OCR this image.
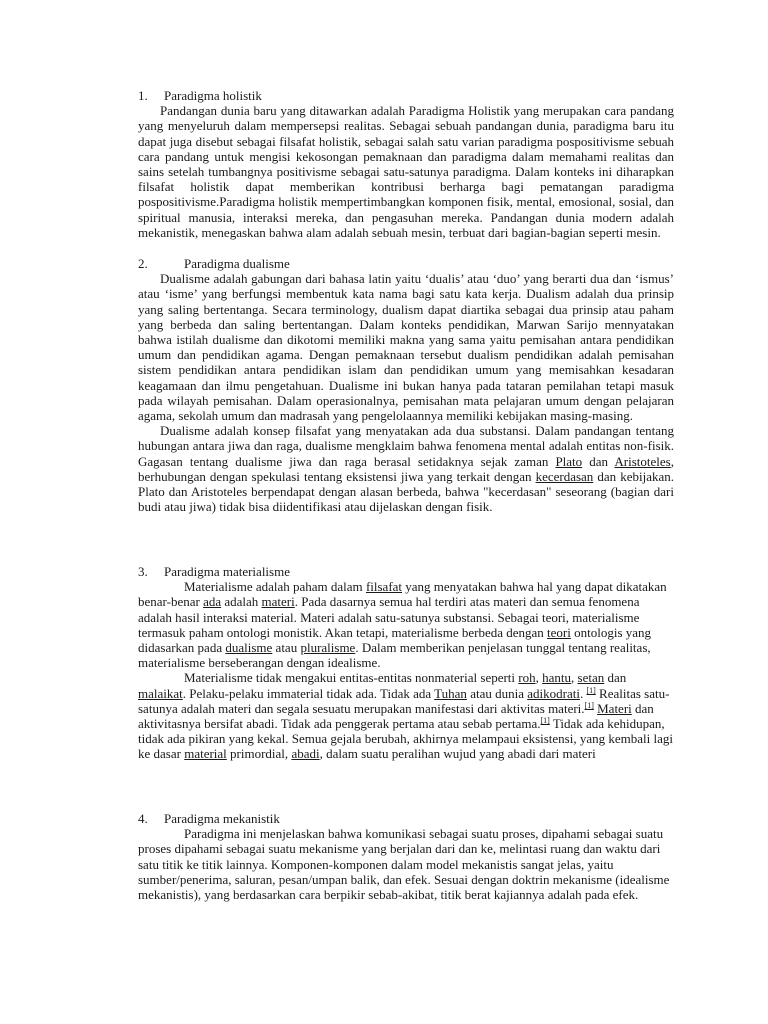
1.	Paradigma holistik

Pandangan dunia baru yang ditawarkan adalah Paradigma Holistik yang merupakan cara pandang yang menyeluruh dalam mempersepsi realitas. Sebagai sebuah pandangan dunia, paradigma baru itu dapat juga disebut sebagai filsafat holistik, sebagai salah satu varian paradigma pospositivisme sebuah cara pandang untuk mengisi kekosongan pemaknaan dan paradigma dalam memahami realitas dan sains setelah tumbangnya positivisme sebagai satu-satunya paradigma. Dalam konteks ini diharapkan filsafat holistik dapat memberikan kontribusi berharga bagi pematangan paradigma pospositivisme.Paradigma holistik mempertimbangkan komponen fisik, mental, emosional, sosial, dan spiritual manusia, interaksi mereka, dan pengasuhan mereka. Pandangan dunia modern adalah mekanistik, menegaskan bahwa alam adalah sebuah mesin, terbuat dari bagian-bagian seperti mesin.

2.	Paradigma dualisme

Dualisme adalah gabungan dari bahasa latin yaitu ‘dualis’ atau ‘duo’ yang berarti dua dan ‘ismus’ atau ‘isme’ yang berfungsi membentuk kata nama bagi satu kata kerja. Dualism adalah dua prinsip yang saling bertentanga. Secara terminology, dualism dapat diartika sebagai dua prinsip atau paham yang berbeda dan saling bertentangan. Dalam konteks pendidikan, Marwan Sarijo mennyatakan bahwa istilah dualisme dan dikotomi memiliki makna yang sama yaitu pemisahan antara pendidikan umum dan pendidikan agama. Dengan pemaknaan tersebut dualism pendidikan adalah pemisahan sistem pendidikan antara pendidikan islam dan pendidikan umum yang memisahkan kesadaran keagamaan dan ilmu pengetahuan. Dualisme ini bukan hanya pada tataran pemilahan tetapi masuk pada wilayah pemisahan. Dalam operasionalnya, pemisahan mata pelajaran umum dengan pelajaran agama, sekolah umum dan madrasah yang pengelolaannya memiliki kebijakan masing-masing.

Dualisme adalah konsep filsafat yang menyatakan ada dua substansi. Dalam pandangan tentang hubungan antara jiwa dan raga, dualisme mengklaim bahwa fenomena mental adalah entitas non-fisik. Gagasan tentang dualisme jiwa dan raga berasal setidaknya sejak zaman Plato dan Aristoteles, berhubungan dengan spekulasi tentang eksistensi jiwa yang terkait dengan kecerdasan dan kebijakan. Plato dan Aristoteles berpendapat dengan alasan berbeda, bahwa "kecerdasan" seseorang (bagian dari budi atau jiwa) tidak bisa diidentifikasi atau dijelaskan dengan fisik.

3.	Paradigma materialisme

Materialisme adalah paham dalam filsafat yang menyatakan bahwa hal yang dapat dikatakan benar-benar ada adalah materi. Pada dasarnya semua hal terdiri atas materi dan semua fenomena adalah hasil interaksi material. Materi adalah satu-satunya substansi. Sebagai teori, materialisme termasuk paham ontologi monistik. Akan tetapi, materialisme berbeda dengan teori ontologis yang didasarkan pada dualisme atau pluralisme. Dalam memberikan penjelasan tunggal tentang realitas, materialisme berseberangan dengan idealisme.

Materialisme tidak mengakui entitas-entitas nonmaterial seperti roh, hantu, setan dan malaikat. Pelaku-pelaku immaterial tidak ada. Tidak ada Tuhan atau dunia adikodrati. [1] Realitas satu-satunya adalah materi dan segala sesuatu merupakan manifestasi dari aktivitas materi.[1] Materi dan aktivitasnya bersifat abadi. Tidak ada penggerak pertama atau sebab pertama.[1] Tidak ada kehidupan, tidak ada pikiran yang kekal. Semua gejala berubah, akhirnya melampaui eksistensi, yang kembali lagi ke dasar material primordial, abadi, dalam suatu peralihan wujud yang abadi dari materi

4.	Paradigma mekanistik

Paradigma ini menjelaskan bahwa komunikasi sebagai suatu proses, dipahami sebagai suatu proses dipahami sebagai suatu mekanisme yang berjalan dari dan ke, melintasi ruang dan waktu dari satu titik ke titik lainnya. Komponen-komponen dalam model mekanistis sangat jelas, yaitu sumber/penerima, saluran, pesan/umpan balik, dan efek. Sesuai dengan doktrin mekanisme (idealisme mekanistis), yang berdasarkan cara berpikir sebab-akibat, titik berat kajiannya adalah pada efek.
